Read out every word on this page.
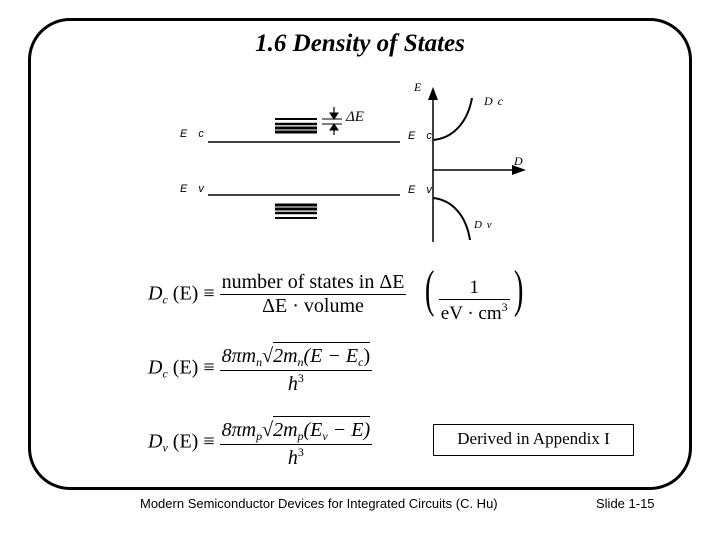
1.6 Density of States
E c
E v
ΔE
E
D c
E c
D
E v
D v
$D_c$ $(E) \equiv \frac{\text{number of states in ΔE}}{\text{ΔE · volume}}$ ( $\frac{1}{eV \cdot cm^3}$ )
$D_c$ $(E) \equiv \frac{8\pi m_n√2m_n(E - E_c)}{h^3}$
$D_v$ $(E) \equiv \frac{8\pi m_p√2m_p(E_v - E)}{h^3}$	Derived in Appendix I
Modern Semiconductor Devices for Integrated Circuits (C. Hu)	Slide 1-15
